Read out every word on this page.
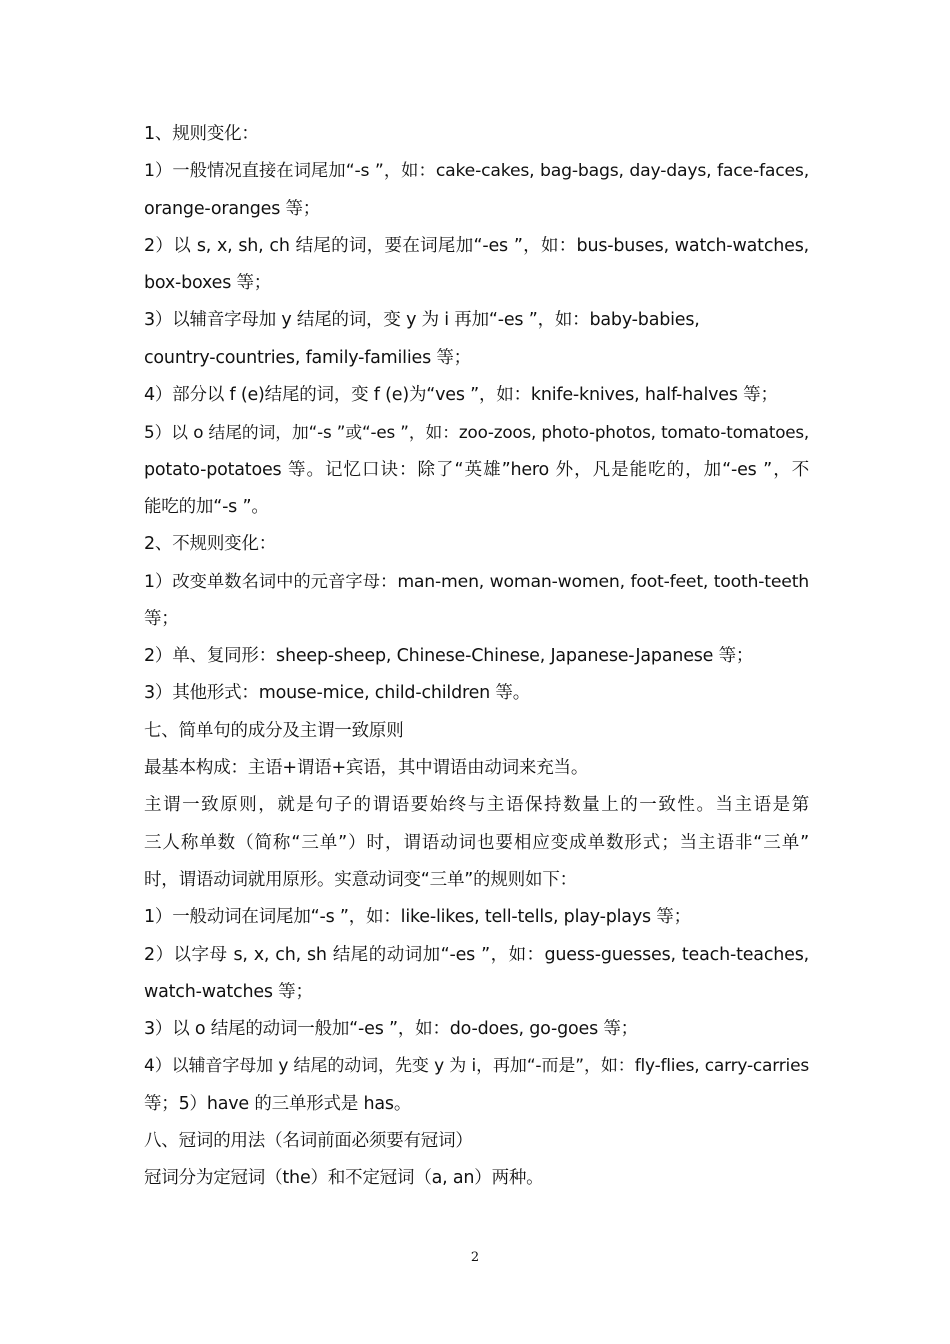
1、规则变化：
1）一般情况直接在词尾加“-s ”，如：cake-cakes, bag-bags, day-days, face-faces,
orange-oranges 等；
2）以 s, x, sh, ch 结尾的词，要在词尾加“-es ”，如：bus-buses, watch-watches,
box-boxes 等；
3）以辅音字母加 y 结尾的词，变 y 为 i 再加“-es ”，如：baby-babies,
country-countries, family-families 等；
4）部分以 f (e)结尾的词，变 f (e)为“ves ”，如：knife-knives, half-halves 等；
5）以 o 结尾的词，加“-s ”或“-es ”，如：zoo-zoos, photo-photos, tomato-tomatoes,
potato-potatoes 等。记忆口诀：除了“英雄”hero 外，凡是能吃的，加“-es ”，不
能吃的加“-s ”。
2、不规则变化：
1）改变单数名词中的元音字母：man-men, woman-women, foot-feet, tooth-teeth
等；
2）单、复同形：sheep-sheep, Chinese-Chinese, Japanese-Japanese 等；
3）其他形式：mouse-mice, child-children 等。
七、简单句的成分及主谓一致原则
最基本构成：主语+谓语+宾语，其中谓语由动词来充当。
主谓一致原则，就是句子的谓语要始终与主语保持数量上的一致性。当主语是第
三人称单数（简称“三单”）时，谓语动词也要相应变成单数形式；当主语非“三单”
时，谓语动词就用原形。实意动词变“三单”的规则如下：
1）一般动词在词尾加“-s ”，如：like-likes, tell-tells, play-plays 等；
2）以字母 s, x, ch, sh 结尾的动词加“-es ”，如：guess-guesses, teach-teaches,
watch-watches 等；
3）以 o 结尾的动词一般加“-es ”，如：do-does, go-goes 等；
4）以辅音字母加 y 结尾的动词，先变 y 为 i，再加“-而是”，如：fly-flies, carry-carries
等；5）have 的三单形式是 has。
八、冠词的用法（名词前面必须要有冠词）
冠词分为定冠词（the）和不定冠词（a, an）两种。
2
